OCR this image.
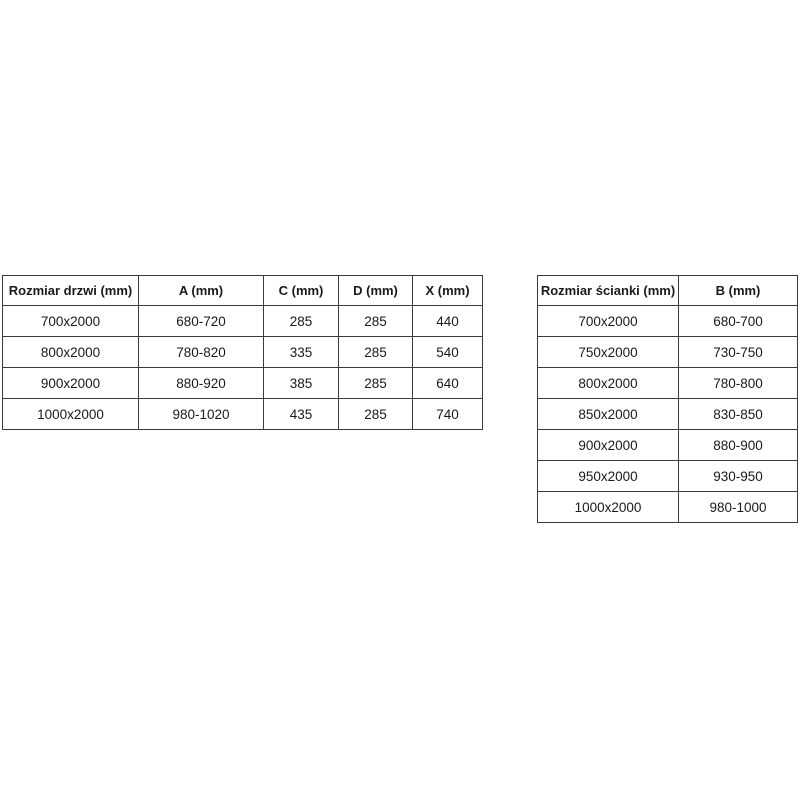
Rozmiar drzwi (mm)	A (mm)	C (mm)	D (mm)	X (mm)
700x2000	680-720	285	285	440
800x2000	780-820	335	285	540
900x2000	880-920	385	285	640
1000x2000	980-1020	435	285	740
Rozmiar ścianki (mm)	B (mm)
700x2000	680-700
750x2000	730-750
800x2000	780-800
850x2000	830-850
900x2000	880-900
950x2000	930-950
1000x2000	980-1000
